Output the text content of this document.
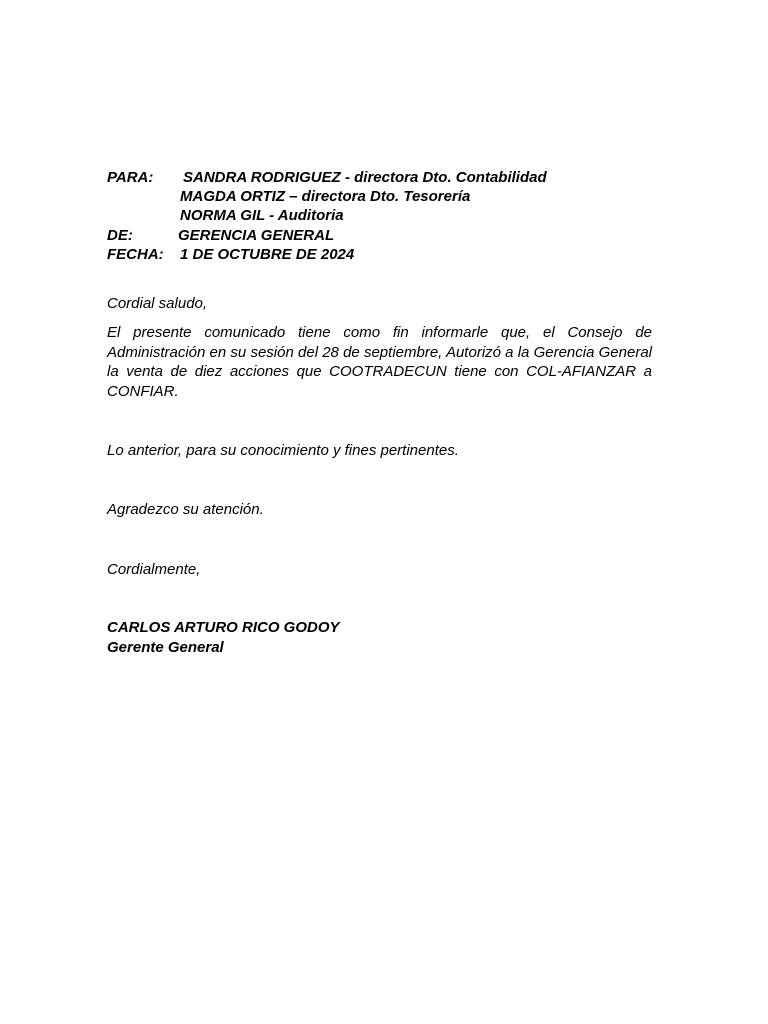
PARA:	SANDRA RODRIGUEZ - directora Dto. Contabilidad
MAGDA ORTIZ – directora Dto. Tesorería
NORMA GIL - Auditoria
DE:	GERENCIA GENERAL
FECHA:	1 DE OCTUBRE DE 2024
Cordial saludo,
El presente comunicado tiene como fin informarle que, el Consejo de Administración en su sesión del 28 de septiembre, Autorizó a la Gerencia General la venta de diez acciones que COOTRADECUN tiene con COL-AFIANZAR a CONFIAR.
Lo anterior, para su conocimiento y fines pertinentes.
Agradezco su atención.
Cordialmente,
CARLOS ARTURO RICO GODOY
Gerente General
